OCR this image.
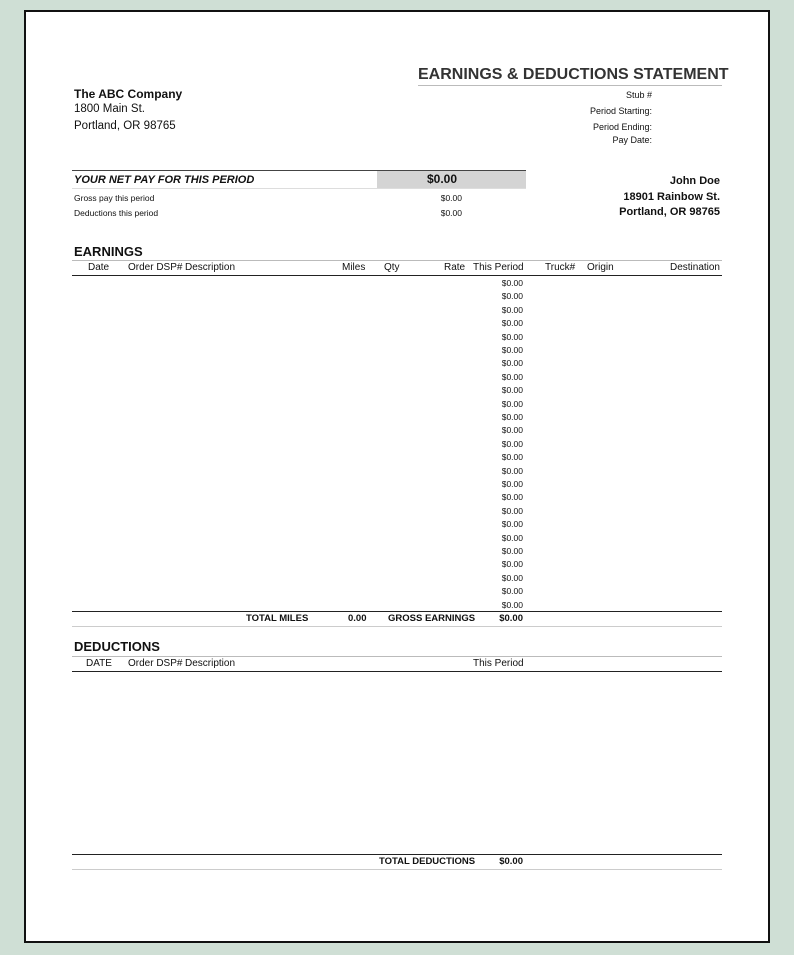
EARNINGS & DEDUCTIONS STATEMENT
The ABC Company
1800 Main St.
Portland, OR 98765
Stub #
Period Starting:
Period Ending:
Pay Date:
YOUR NET PAY FOR THIS PERIOD	$0.00
Gross pay this period	$0.00
Deductions this period	$0.00
John Doe
18901 Rainbow St.
Portland, OR 98765
EARNINGS
Date Order DSP# Description	Miles Qty	Rate This Period Truck# Origin	Destination
$0.00
$0.00
$0.00
$0.00
$0.00
$0.00
$0.00
$0.00
$0.00
$0.00
$0.00
$0.00
$0.00
$0.00
$0.00
$0.00
$0.00
$0.00
$0.00
$0.00
$0.00
$0.00
$0.00
$0.00
$0.00
TOTAL MILES	0.00 GROSS EARNINGS	$0.00
DEDUCTIONS
DATE Order DSP# Description	This Period
TOTAL DEDUCTIONS	$0.00
